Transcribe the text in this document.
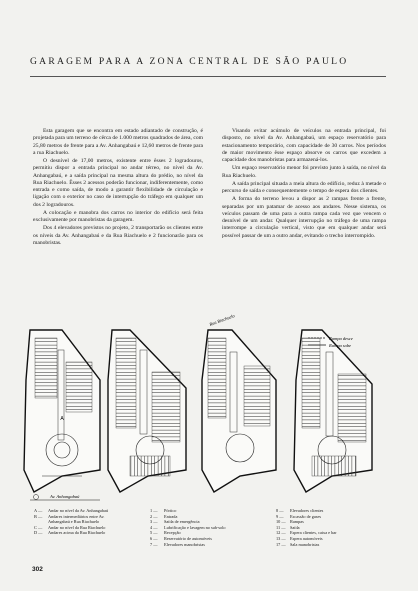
GARAGEM PARA A ZONA CENTRAL DE SÃO PAULO

Esta garagem que se encontra em estado adiantado de construção, é projetada para um terreno de cêrca de 1.000 metros quadrados de área, com 25,80 metros de frente para a Av. Anhangabaú e 12,60 metros de frente para a rua Riachuelo.

O desnível de 17,00 metros, existente entre êsses 2 logradouros, permitiu dispor a entrada principal no andar térreo, no nível da Av. Anhangabaú, e a saída principal na mesma altura do prédio, no nível da Rua Riachuelo. Êsses 2 acessos poderão funcionar, indiferentemente, como entrada e como saída, de modo a garantir flexibilidade de circulação e ligação com o exterior no caso de interrupção do tráfego em qualquer um dos 2 logradouros.

A colocação e manobra dos carros no interior do edifício será feita exclusivamente por manobristas da garagem.

Dos 4 elevadores previstos no projeto, 2 transportarão os clientes entre os níveis da Av. Anhangabaú e da Rua Riachuelo e 2 funcionarão para os manobristas.

Visando evitar acúmulo de veículos na entrada principal, foi disposto, no nível da Av. Anhangabaú, um espaço reservatório para estacionamento temporário, com capacidade de 30 carros. Nos períodos de maior movimento êsse espaço absorve os carros que excedem a capacidade dos manobristas para armazená-los.

Um espaço reservatório menor foi previsto junto à saída, no nível da Rua Riachuelo.

A saída principal situada a meia altura do edifício, reduz à metade o percurso de saída e consequentemente o tempo de espera dos clientes.

A forma do terreno levou a dispor as 2 rampas frente a frente, separadas por um patamar de acesso aos andares. Nesse sistema, os veículos passam de uma para a outra rampa cada vez que vencem o desnível de um andar. Qualquer interrupção no tráfego de uma rampa interrompe a circulação vertical, visto que em qualquer andar será possível passar de um a outro andar, evitando o trecho interrompido.

A
Rua Riachuelo
Rampa desce
Rampa sobe
Av. Anhangabaú
A —	Andar no nível da Av. Anhangabaú
B —	Andares intermediários entre Av.
Anhangabaú e Rua Riachuelo
C —	Andar no nível da Rua Riachuelo
D —	Andares acima da Rua Riachuelo
1 —	Pórtico
2 —	Entrada
3 —	Saída de emergência
4 —	Lubrificação e lavagem no sub-solo
5 —	Recepção
6 —	Reservatório de automóveis
7 —	Elevadores manobristas
8 —	Elevadores clientes
9 —	Escassão de gases
10 —	Rampas
11 —	Saída
12 —	Espera clientes, caixa e bar
13 —	Espera automóveis
17 —	Sala manobristas
302
